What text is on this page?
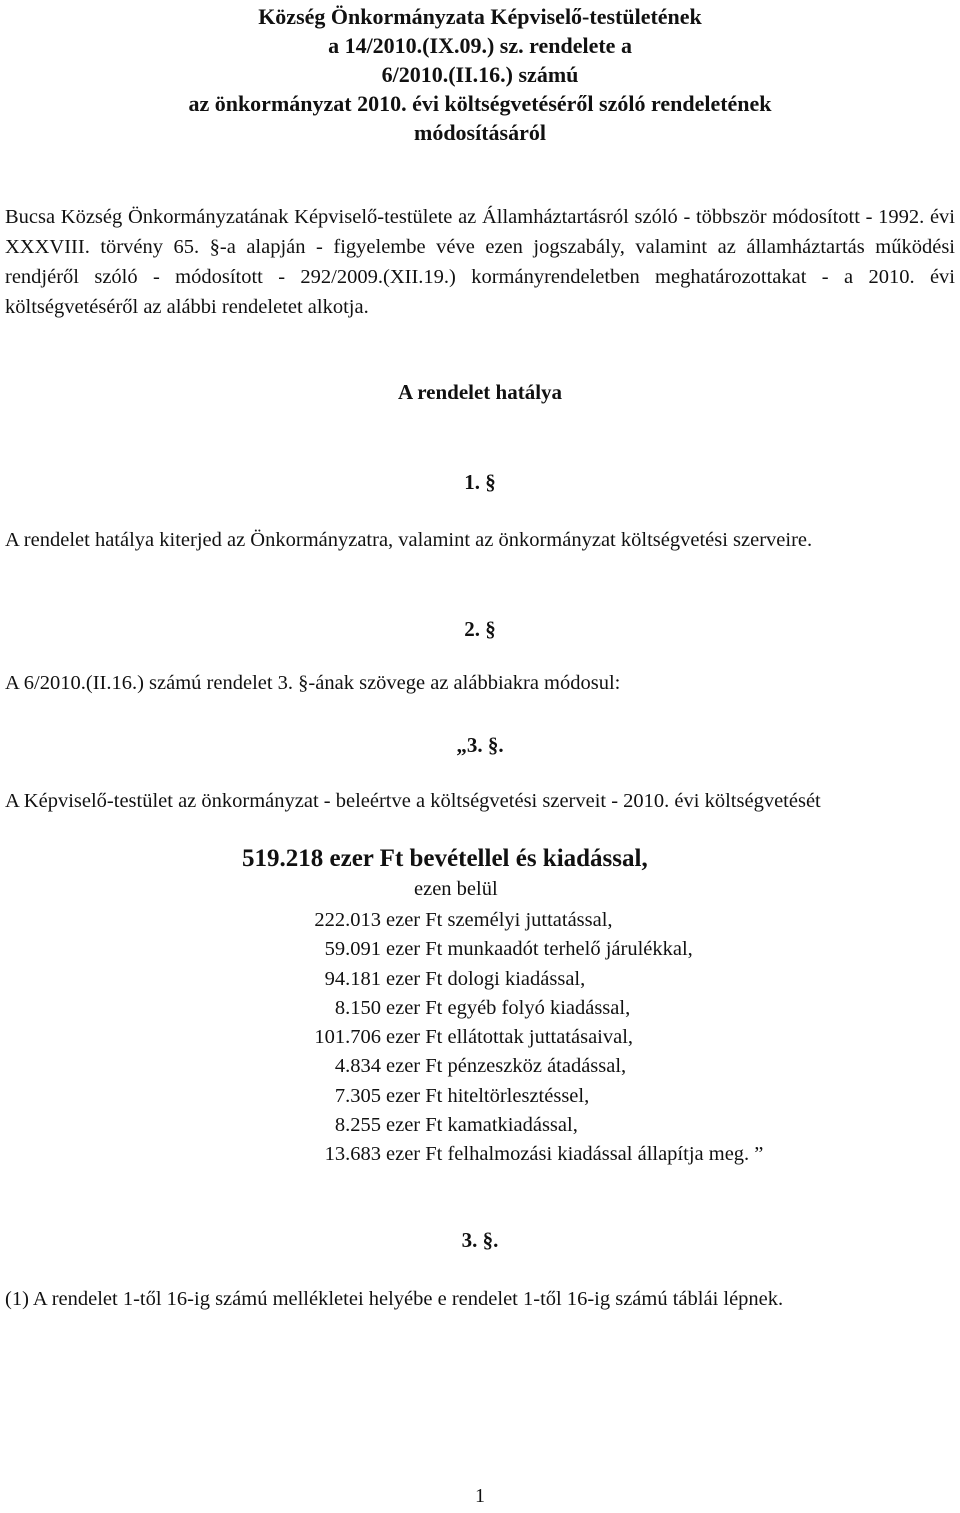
Község Önkormányzata Képviselő-testületének
a 14/2010.(IX.09.) sz. rendelete a
6/2010.(II.16.) számú
az önkormányzat 2010. évi költségvetéséről szóló rendeletének
módosításáról
Bucsa Község Önkormányzatának Képviselő-testülete az Államháztartásról szóló - többször módosított - 1992. évi XXXVIII. törvény 65. §-a alapján - figyelembe véve ezen jogszabály, valamint az államháztartás működési rendjéről szóló - módosított - 292/2009.(XII.19.) kormányrendeletben meghatározottakat - a 2010. évi költségvetéséről az alábbi rendeletet alkotja.
A rendelet hatálya
1. §
A rendelet hatálya kiterjed az Önkormányzatra, valamint az önkormányzat költségvetési szerveire.
2. §
A 6/2010.(II.16.) számú rendelet 3. §-ának szövege az alábbiakra módosul:
„3. §.
A Képviselő-testület az önkormányzat - beleértve a költségvetési szerveit - 2010. évi költségvetését
519.218 ezer Ft bevétellel és kiadással,
ezen belül
222.013 ezer Ft személyi juttatással,
59.091 ezer Ft munkaadót terhelő járulékkal,
94.181 ezer Ft dologi kiadással,
8.150 ezer Ft egyéb folyó kiadással,
101.706 ezer Ft ellátottak juttatásaival,
4.834 ezer Ft pénzeszköz átadással,
7.305 ezer Ft hiteltörlesztéssel,
8.255 ezer Ft kamatkiadással,
13.683 ezer Ft felhalmozási kiadással állapítja meg. ”
3. §.
(1) A rendelet 1-től 16-ig számú mellékletei helyébe e rendelet 1-től 16-ig számú táblái lépnek.
1
